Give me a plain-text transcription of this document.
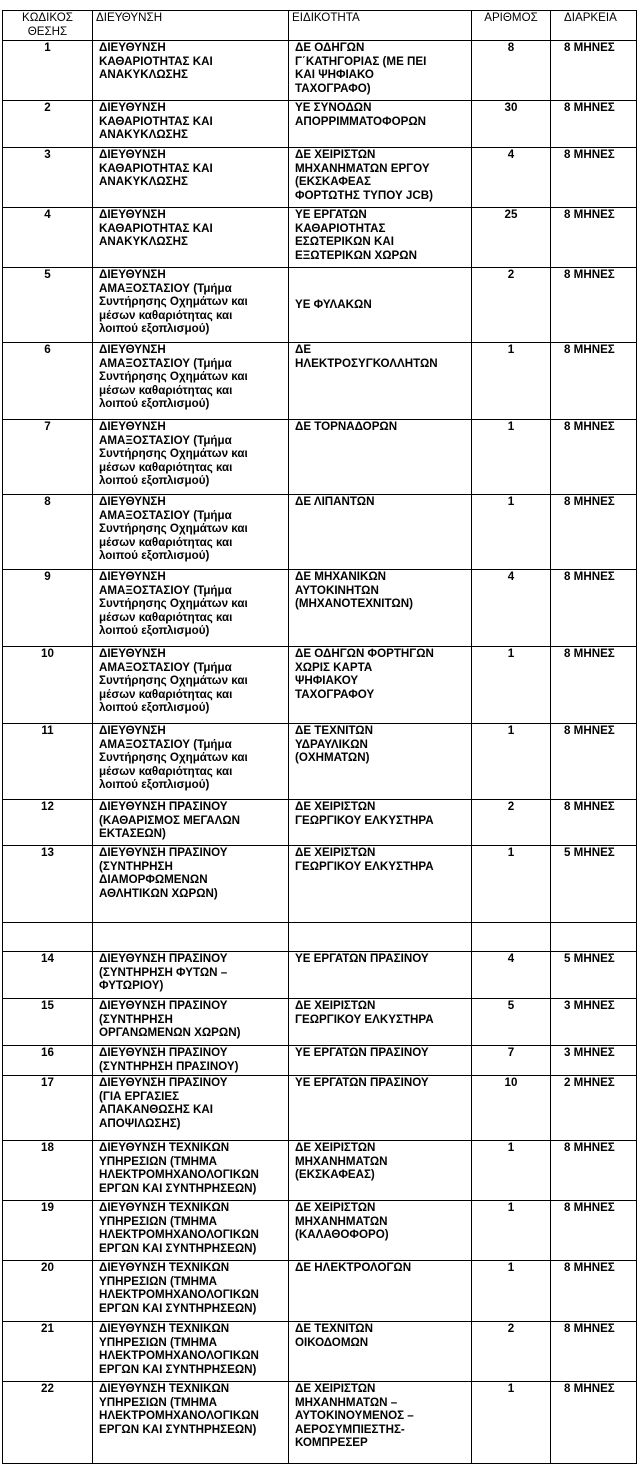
ΚΩΔΙΚΟΣ
ΘΕΣΗΣ	ΔΙΕΥΘΥΝΣΗ	ΕΙΔΙΚΟΤΗΤΑ	ΑΡΙΘΜΟΣ	ΔΙΑΡΚΕΙΑ
1	ΔΙΕΥΘΥΝΣΗ
ΚΑΘΑΡΙΟΤΗΤΑΣ ΚΑΙ
ΑΝΑΚΥΚΛΩΣΗΣ	ΔΕ ΟΔΗΓΩΝ
Γ΄ΚΑΤΗΓΟΡΙΑΣ (ΜΕ ΠΕΙ
ΚΑΙ ΨΗΦΙΑΚΟ
ΤΑΧΟΓΡΑΦΟ)	8	8 ΜΗΝΕΣ
2	ΔΙΕΥΘΥΝΣΗ
ΚΑΘΑΡΙΟΤΗΤΑΣ ΚΑΙ
ΑΝΑΚΥΚΛΩΣΗΣ	ΥΕ ΣΥΝΟΔΩΝ
ΑΠΟΡΡΙΜΜΑΤΟΦΟΡΩΝ	30	8 ΜΗΝΕΣ
3	ΔΙΕΥΘΥΝΣΗ
ΚΑΘΑΡΙΟΤΗΤΑΣ ΚΑΙ
ΑΝΑΚΥΚΛΩΣΗΣ	ΔΕ ΧΕΙΡΙΣΤΩΝ
ΜΗΧΑΝΗΜΑΤΩΝ ΕΡΓΟΥ
(ΕΚΣΚΑΦΕΑΣ
ΦΟΡΤΩΤΗΣ ΤΥΠΟΥ JCB)	4	8 ΜΗΝΕΣ
4	ΔΙΕΥΘΥΝΣΗ
ΚΑΘΑΡΙΟΤΗΤΑΣ ΚΑΙ
ΑΝΑΚΥΚΛΩΣΗΣ	ΥΕ ΕΡΓΑΤΩΝ
ΚΑΘΑΡΙΟΤΗΤΑΣ
ΕΣΩΤΕΡΙΚΩΝ ΚΑΙ
ΕΞΩΤΕΡΙΚΩΝ ΧΩΡΩΝ	25	8 ΜΗΝΕΣ
5	ΔΙΕΥΘΥΝΣΗ
ΑΜΑΞΟΣΤΑΣΙΟΥ (Τμήμα
Συντήρησης Οχημάτων και
μέσων καθαριότητας και
λοιπού εξοπλισμού)	ΥΕ ΦΥΛΑΚΩΝ	2	8 ΜΗΝΕΣ
6	ΔΙΕΥΘΥΝΣΗ
ΑΜΑΞΟΣΤΑΣΙΟΥ (Τμήμα
Συντήρησης Οχημάτων και
μέσων καθαριότητας και
λοιπού εξοπλισμού)	ΔΕ
ΗΛΕΚΤΡΟΣΥΓΚΟΛΛΗΤΩΝ	1	8 ΜΗΝΕΣ
7	ΔΙΕΥΘΥΝΣΗ
ΑΜΑΞΟΣΤΑΣΙΟΥ (Τμήμα
Συντήρησης Οχημάτων και
μέσων καθαριότητας και
λοιπού εξοπλισμού)	ΔΕ ΤΟΡΝΑΔΟΡΩΝ	1	8 ΜΗΝΕΣ
8	ΔΙΕΥΘΥΝΣΗ
ΑΜΑΞΟΣΤΑΣΙΟΥ (Τμήμα
Συντήρησης Οχημάτων και
μέσων καθαριότητας και
λοιπού εξοπλισμού)	ΔΕ ΛΙΠΑΝΤΩΝ	1	8 ΜΗΝΕΣ
9	ΔΙΕΥΘΥΝΣΗ
ΑΜΑΞΟΣΤΑΣΙΟΥ (Τμήμα
Συντήρησης Οχημάτων και
μέσων καθαριότητας και
λοιπού εξοπλισμού)	ΔΕ ΜΗΧΑΝΙΚΩΝ
ΑΥΤΟΚΙΝΗΤΩΝ
(ΜΗΧΑΝΟΤΕΧΝΙΤΩΝ)	4	8 ΜΗΝΕΣ
10	ΔΙΕΥΘΥΝΣΗ
ΑΜΑΞΟΣΤΑΣΙΟΥ (Τμήμα
Συντήρησης Οχημάτων και
μέσων καθαριότητας και
λοιπού εξοπλισμού)	ΔΕ ΟΔΗΓΩΝ ΦΟΡΤΗΓΩΝ
ΧΩΡΙΣ ΚΑΡΤΑ
ΨΗΦΙΑΚΟΥ
ΤΑΧΟΓΡΑΦΟΥ	1	8 ΜΗΝΕΣ
11	ΔΙΕΥΘΥΝΣΗ
ΑΜΑΞΟΣΤΑΣΙΟΥ (Τμήμα
Συντήρησης Οχημάτων και
μέσων καθαριότητας και
λοιπού εξοπλισμού)	ΔΕ ΤΕΧΝΙΤΩΝ
ΥΔΡΑΥΛΙΚΩΝ
(ΟΧΗΜΑΤΩΝ)	1	8 ΜΗΝΕΣ
12	ΔΙΕΥΘΥΝΣΗ ΠΡΑΣΙΝΟΥ
(ΚΑΘΑΡΙΣΜΟΣ ΜΕΓΑΛΩΝ
ΕΚΤΑΣΕΩΝ)	ΔΕ ΧΕΙΡΙΣΤΩΝ
ΓΕΩΡΓΙΚΟΥ ΕΛΚΥΣΤΗΡΑ	2	8 ΜΗΝΕΣ
13	ΔΙΕΥΘΥΝΣΗ ΠΡΑΣΙΝΟΥ
(ΣΥΝΤΗΡΗΣΗ
ΔΙΑΜΟΡΦΩΜΕΝΩΝ
ΑΘΛΗΤΙΚΩΝ ΧΩΡΩΝ)	ΔΕ ΧΕΙΡΙΣΤΩΝ
ΓΕΩΡΓΙΚΟΥ ΕΛΚΥΣΤΗΡΑ	1	5 ΜΗΝΕΣ

14	ΔΙΕΥΘΥΝΣΗ ΠΡΑΣΙΝΟΥ
(ΣΥΝΤΗΡΗΣΗ ΦΥΤΩΝ –
ΦΥΤΩΡΙΟΥ)	ΥΕ ΕΡΓΑΤΩΝ ΠΡΑΣΙΝΟΥ	4	5 ΜΗΝΕΣ
15	ΔΙΕΥΘΥΝΣΗ ΠΡΑΣΙΝΟΥ
(ΣΥΝΤΗΡΗΣΗ
ΟΡΓΑΝΩΜΕΝΩΝ ΧΩΡΩΝ)	ΔΕ ΧΕΙΡΙΣΤΩΝ
ΓΕΩΡΓΙΚΟΥ ΕΛΚΥΣΤΗΡΑ	5	3 ΜΗΝΕΣ
16	ΔΙΕΥΘΥΝΣΗ ΠΡΑΣΙΝΟΥ
(ΣΥΝΤΗΡΗΣΗ ΠΡΑΣΙΝΟΥ)	ΥΕ ΕΡΓΑΤΩΝ ΠΡΑΣΙΝΟΥ	7	3 ΜΗΝΕΣ
17	ΔΙΕΥΘΥΝΣΗ ΠΡΑΣΙΝΟΥ
(ΓΙΑ ΕΡΓΑΣΙΕΣ
ΑΠΑΚΑΝΘΩΣΗΣ ΚΑΙ
ΑΠΟΨΙΛΩΣΗΣ)	ΥΕ ΕΡΓΑΤΩΝ ΠΡΑΣΙΝΟΥ	10	2 ΜΗΝΕΣ
18	ΔΙΕΥΘΥΝΣΗ ΤΕΧΝΙΚΩΝ
ΥΠΗΡΕΣΙΩΝ (ΤΜΗΜΑ
ΗΛΕΚΤΡΟΜΗΧΑΝΟΛΟΓΙΚΩΝ
ΕΡΓΩΝ ΚΑΙ ΣΥΝΤΗΡΗΣΕΩΝ)	ΔΕ ΧΕΙΡΙΣΤΩΝ
ΜΗΧΑΝΗΜΑΤΩΝ
(ΕΚΣΚΑΦΕΑΣ)	1	8 ΜΗΝΕΣ
19	ΔΙΕΥΘΥΝΣΗ ΤΕΧΝΙΚΩΝ
ΥΠΗΡΕΣΙΩΝ (ΤΜΗΜΑ
ΗΛΕΚΤΡΟΜΗΧΑΝΟΛΟΓΙΚΩΝ
ΕΡΓΩΝ ΚΑΙ ΣΥΝΤΗΡΗΣΕΩΝ)	ΔΕ ΧΕΙΡΙΣΤΩΝ
ΜΗΧΑΝΗΜΑΤΩΝ
(ΚΑΛΑΘΟΦΟΡΟ)	1	8 ΜΗΝΕΣ
20	ΔΙΕΥΘΥΝΣΗ ΤΕΧΝΙΚΩΝ
ΥΠΗΡΕΣΙΩΝ (ΤΜΗΜΑ
ΗΛΕΚΤΡΟΜΗΧΑΝΟΛΟΓΙΚΩΝ
ΕΡΓΩΝ ΚΑΙ ΣΥΝΤΗΡΗΣΕΩΝ)	ΔΕ ΗΛΕΚΤΡΟΛΟΓΩΝ	1	8 ΜΗΝΕΣ
21	ΔΙΕΥΘΥΝΣΗ ΤΕΧΝΙΚΩΝ
ΥΠΗΡΕΣΙΩΝ (ΤΜΗΜΑ
ΗΛΕΚΤΡΟΜΗΧΑΝΟΛΟΓΙΚΩΝ
ΕΡΓΩΝ ΚΑΙ ΣΥΝΤΗΡΗΣΕΩΝ)	ΔΕ ΤΕΧΝΙΤΩΝ
ΟΙΚΟΔΟΜΩΝ	2	8 ΜΗΝΕΣ
22	ΔΙΕΥΘΥΝΣΗ ΤΕΧΝΙΚΩΝ
ΥΠΗΡΕΣΙΩΝ (ΤΜΗΜΑ
ΗΛΕΚΤΡΟΜΗΧΑΝΟΛΟΓΙΚΩΝ
ΕΡΓΩΝ ΚΑΙ ΣΥΝΤΗΡΗΣΕΩΝ)	ΔΕ ΧΕΙΡΙΣΤΩΝ
ΜΗΧΑΝΗΜΑΤΩΝ –
ΑΥΤΟΚΙΝΟΥΜΕΝΟΣ –
ΑΕΡΟΣΥΜΠΙΕΣΤΗΣ-
ΚΟΜΠΡΕΣΕΡ	1	8 ΜΗΝΕΣ
